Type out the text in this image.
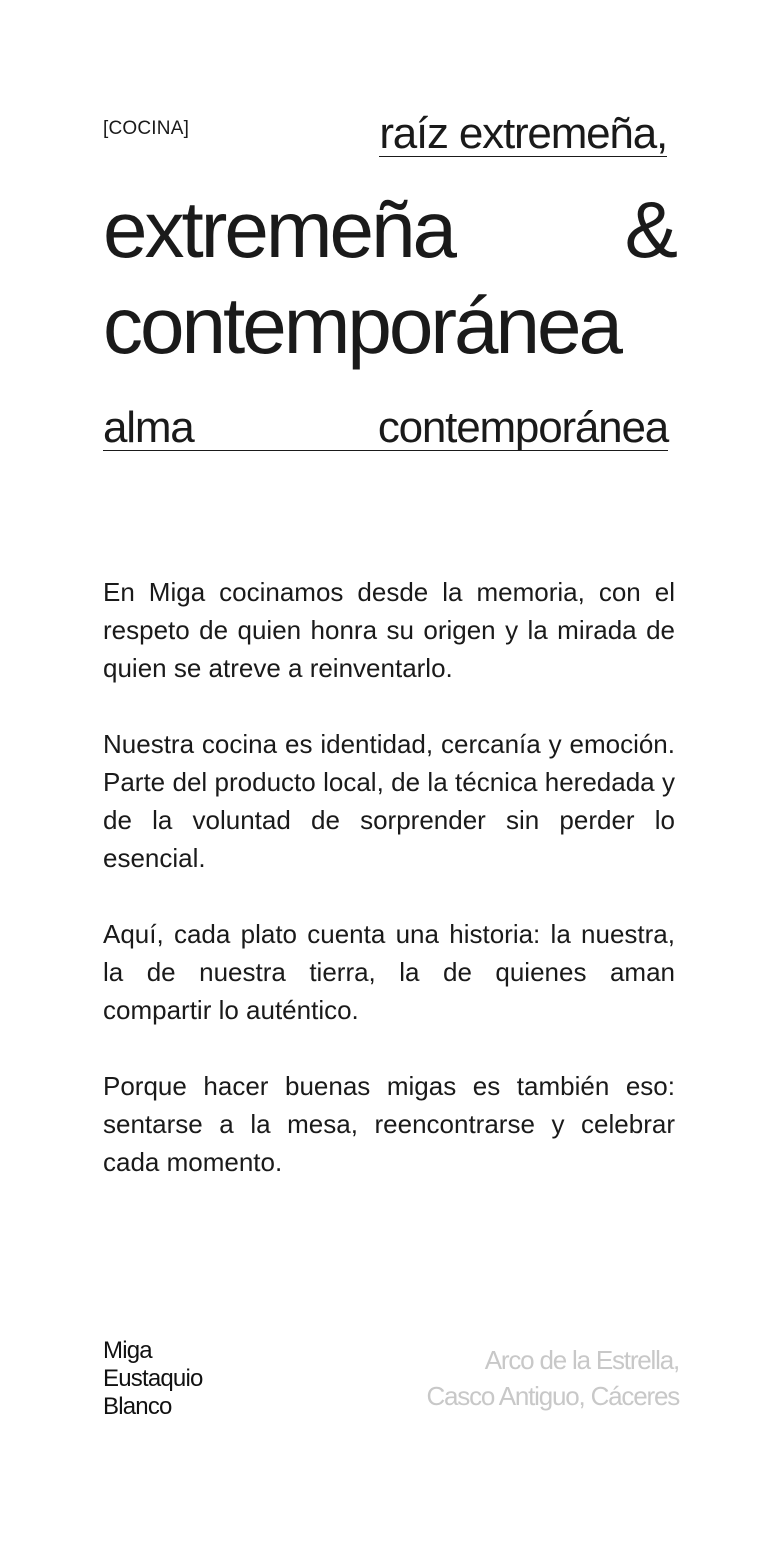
[COCINA]	raíz extremeña,
extremeña &
contemporánea
alma	contemporánea

En Miga cocinamos desde la memoria, con el respeto de quien honra su origen y la mirada de quien se atreve a reinventarlo.

Nuestra cocina es identidad, cercanía y emoción. Parte del producto local, de la técnica heredada y de la voluntad de sorprender sin perder lo esencial.

Aquí, cada plato cuenta una historia: la nuestra, la de nuestra tierra, la de quienes aman compartir lo auténtico.

Porque hacer buenas migas es también eso: sentarse a la mesa, reencontrarse y celebrar cada momento.

Miga
Eustaquio
Blanco
Arco de la Estrella,
Casco Antiguo, Cáceres
